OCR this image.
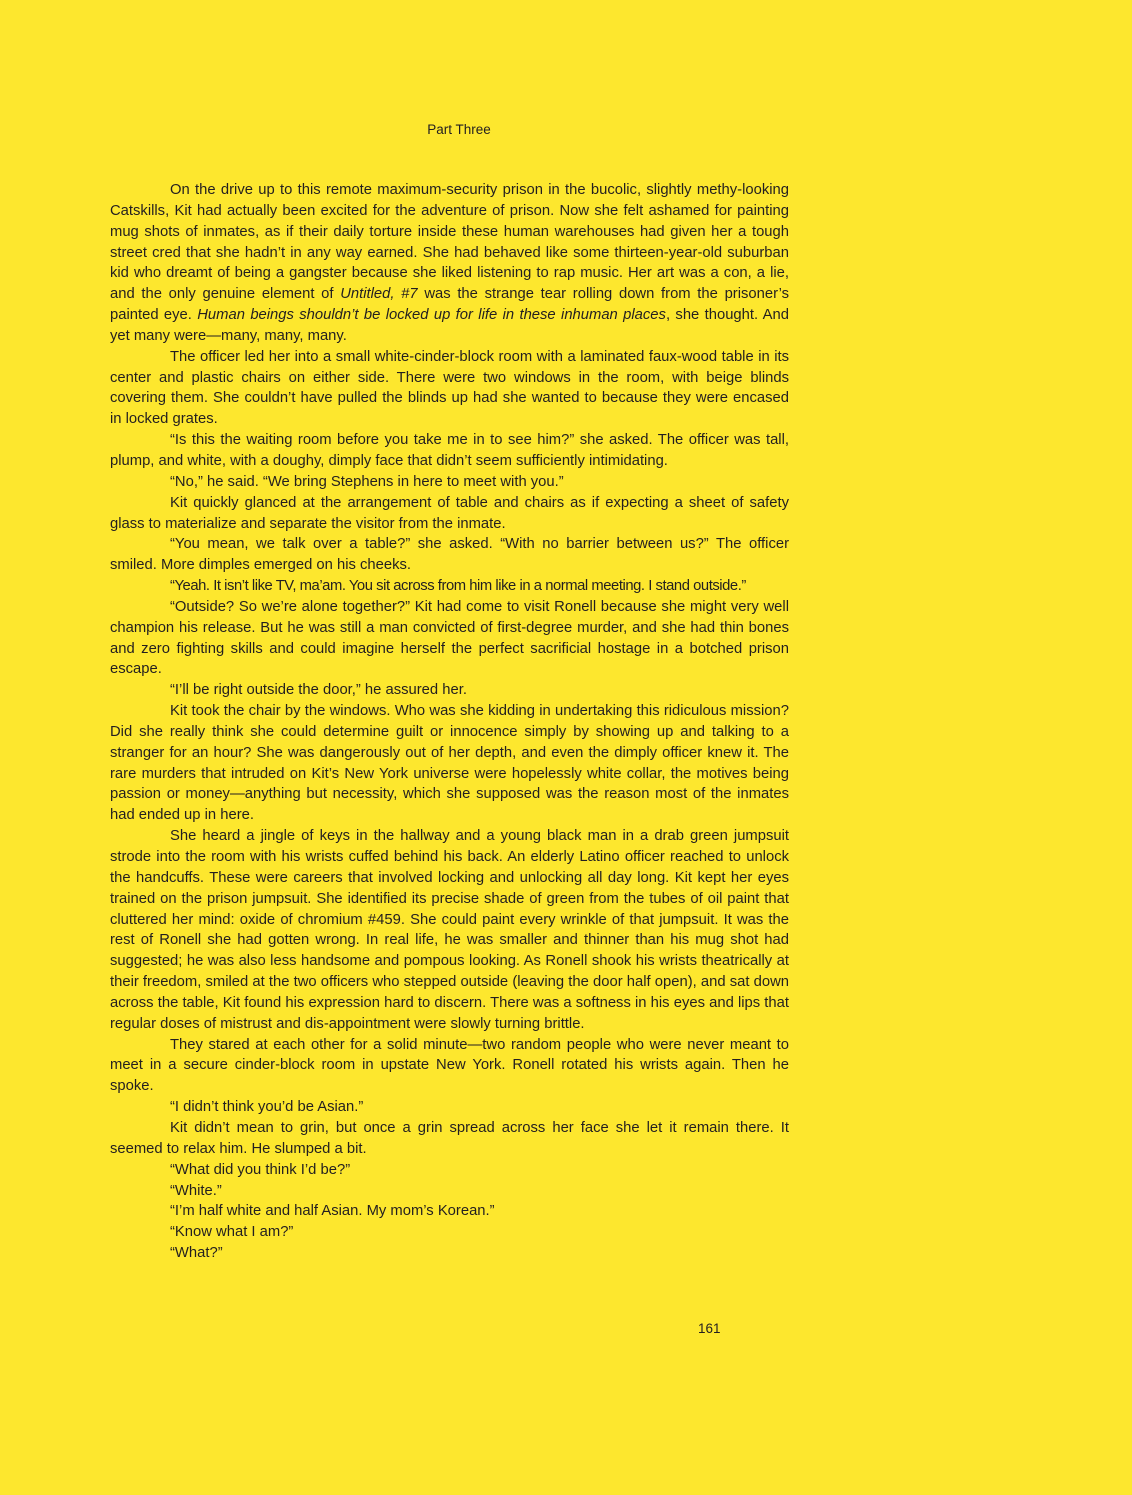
Part Three

On the drive up to this remote maximum-security prison in the bucolic, slightly methy-looking Catskills, Kit had actually been excited for the adventure of prison. Now she felt ashamed for painting mug shots of inmates, as if their daily torture inside these human warehouses had given her a tough street cred that she hadn’t in any way earned. She had behaved like some thirteen-year-old suburban kid who dreamt of being a gangster because she liked listening to rap music. Her art was a con, a lie, and the only genuine element of Untitled, #7 was the strange tear rolling down from the prisoner’s painted eye. Human beings shouldn’t be locked up for life in these inhuman places, she thought. And yet many were—many, many, many.

The officer led her into a small white-cinder-block room with a laminated faux-wood table in its center and plastic chairs on either side. There were two windows in the room, with beige blinds covering them. She couldn’t have pulled the blinds up had she wanted to because they were encased in locked grates.

“Is this the waiting room before you take me in to see him?” she asked. The officer was tall, plump, and white, with a doughy, dimply face that didn’t seem sufficiently intimidating.

“No,” he said. “We bring Stephens in here to meet with you.”

Kit quickly glanced at the arrangement of table and chairs as if expecting a sheet of safety glass to materialize and separate the visitor from the inmate.

“You mean, we talk over a table?” she asked. “With no barrier between us?” The officer smiled. More dimples emerged on his cheeks.

“Yeah. It isn’t like TV, ma’am. You sit across from him like in a normal meeting. I stand outside.”

“Outside? So we’re alone together?” Kit had come to visit Ronell because she might very well champion his release. But he was still a man convicted of first-degree murder, and she had thin bones and zero fighting skills and could imagine herself the perfect sacrificial hostage in a botched prison escape.

“I’ll be right outside the door,” he assured her.

Kit took the chair by the windows. Who was she kidding in undertaking this ridiculous mission? Did she really think she could determine guilt or innocence simply by showing up and talking to a stranger for an hour? She was dangerously out of her depth, and even the dimply officer knew it. The rare murders that intruded on Kit’s New York universe were hopelessly white collar, the motives being passion or money—anything but necessity, which she supposed was the reason most of the inmates had ended up in here.

She heard a jingle of keys in the hallway and a young black man in a drab green jumpsuit strode into the room with his wrists cuffed behind his back. An elderly Latino officer reached to unlock the handcuffs. These were careers that involved locking and unlocking all day long. Kit kept her eyes trained on the prison jumpsuit. She identified its precise shade of green from the tubes of oil paint that cluttered her mind: oxide of chromium #459. She could paint every wrinkle of that jumpsuit. It was the rest of Ronell she had gotten wrong. In real life, he was smaller and thinner than his mug shot had suggested; he was also less handsome and pompous looking. As Ronell shook his wrists theatrically at their freedom, smiled at the two officers who stepped outside (leaving the door half open), and sat down across the table, Kit found his expression hard to discern. There was a softness in his eyes and lips that regular doses of mistrust and dis-appointment were slowly turning brittle.

They stared at each other for a solid minute—two random people who were never meant to meet in a secure cinder-block room in upstate New York. Ronell rotated his wrists again. Then he spoke.

“I didn’t think you’d be Asian.”

Kit didn’t mean to grin, but once a grin spread across her face she let it remain there. It seemed to relax him. He slumped a bit.

“What did you think I’d be?”

“White.”

“I’m half white and half Asian. My mom’s Korean.”

“Know what I am?”

“What?”

161
